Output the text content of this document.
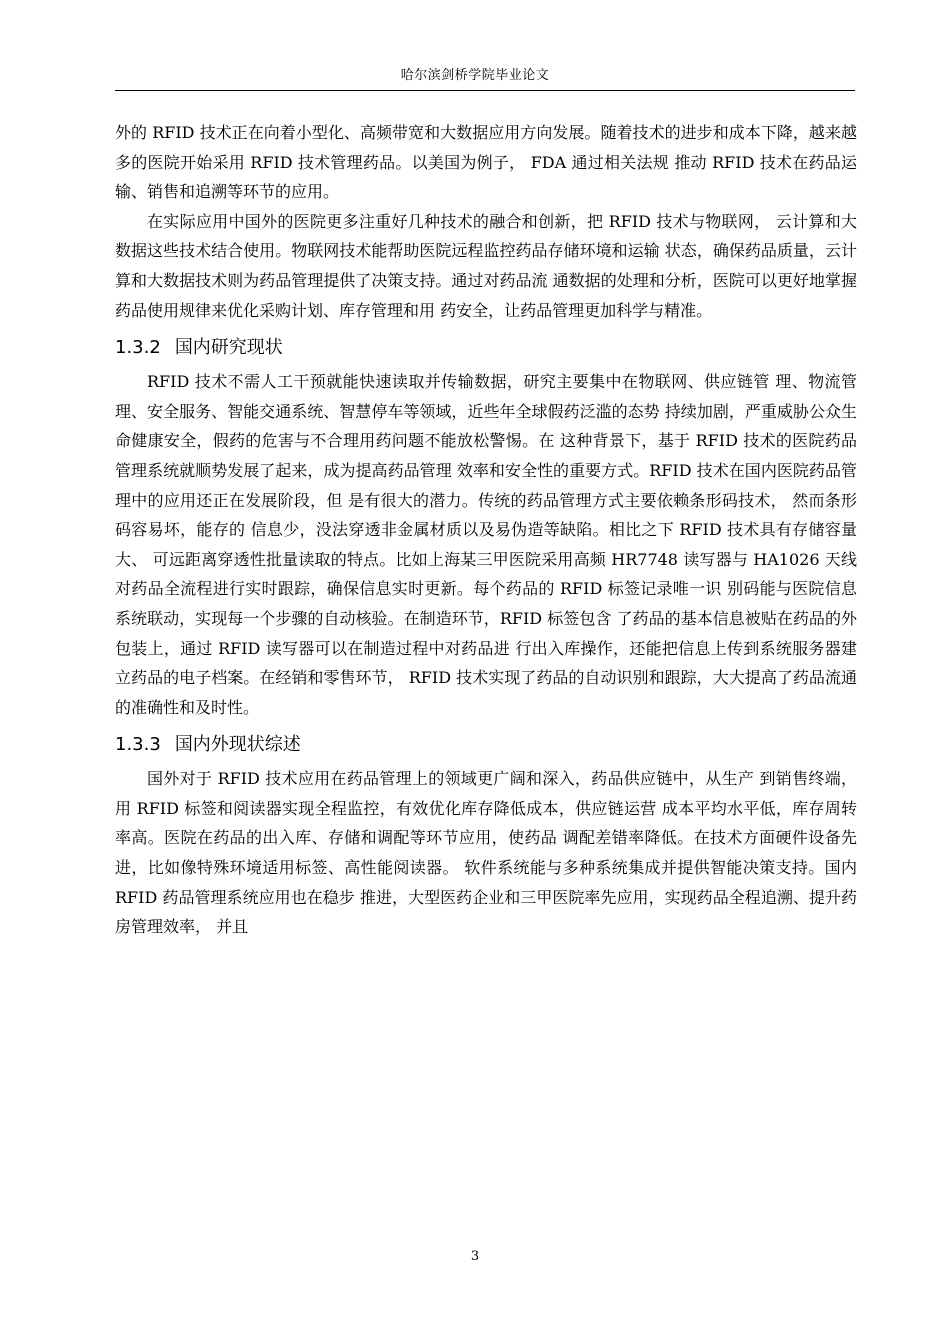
哈尔滨剑桥学院毕业论文

外的 RFID 技术正在向着小型化、高频带宽和大数据应用方向发展。随着技术的进步和成本下降，越来越多的医院开始采用 RFID 技术管理药品。以美国为例子， FDA 通过相关法规 推动 RFID 技术在药品运输、销售和追溯等环节的应用。

在实际应用中国外的医院更多注重好几种技术的融合和创新，把 RFID 技术与物联网， 云计算和大数据这些技术结合使用。物联网技术能帮助医院远程监控药品存储环境和运输 状态，确保药品质量，云计算和大数据技术则为药品管理提供了决策支持。通过对药品流 通数据的处理和分析，医院可以更好地掌握药品使用规律来优化采购计划、库存管理和用 药安全，让药品管理更加科学与精准。

1.3.2 国内研究现状

RFID 技术不需人工干预就能快速读取并传输数据，研究主要集中在物联网、供应链管 理、物流管理、安全服务、智能交通系统、智慧停车等领域，近些年全球假药泛滥的态势 持续加剧，严重威胁公众生命健康安全，假药的危害与不合理用药问题不能放松警惕。在 这种背景下，基于 RFID 技术的医院药品管理系统就顺势发展了起来，成为提高药品管理 效率和安全性的重要方式。RFID 技术在国内医院药品管理中的应用还正在发展阶段，但 是有很大的潜力。传统的药品管理方式主要依赖条形码技术， 然而条形码容易坏，能存的 信息少，没法穿透非金属材质以及易伪造等缺陷。相比之下 RFID 技术具有存储容量大、 可远距离穿透性批量读取的特点。比如上海某三甲医院采用高频 HR7748 读写器与 HA1026 天线对药品全流程进行实时跟踪，确保信息实时更新。每个药品的 RFID 标签记录唯一识 别码能与医院信息系统联动，实现每一个步骤的自动核验。在制造环节，RFID 标签包含 了药品的基本信息被贴在药品的外包装上，通过 RFID 读写器可以在制造过程中对药品进 行出入库操作，还能把信息上传到系统服务器建立药品的电子档案。在经销和零售环节， RFID 技术实现了药品的自动识别和跟踪，大大提高了药品流通的准确性和及时性。

1.3.3 国内外现状综述

国外对于 RFID 技术应用在药品管理上的领域更广阔和深入，药品供应链中，从生产 到销售终端，用 RFID 标签和阅读器实现全程监控，有效优化库存降低成本，供应链运营 成本平均水平低，库存周转率高。医院在药品的出入库、存储和调配等环节应用，使药品 调配差错率降低。在技术方面硬件设备先进，比如像特殊环境适用标签、高性能阅读器。 软件系统能与多种系统集成并提供智能决策支持。国内 RFID 药品管理系统应用也在稳步 推进，大型医药企业和三甲医院率先应用，实现药品全程追溯、提升药房管理效率， 并且

3
